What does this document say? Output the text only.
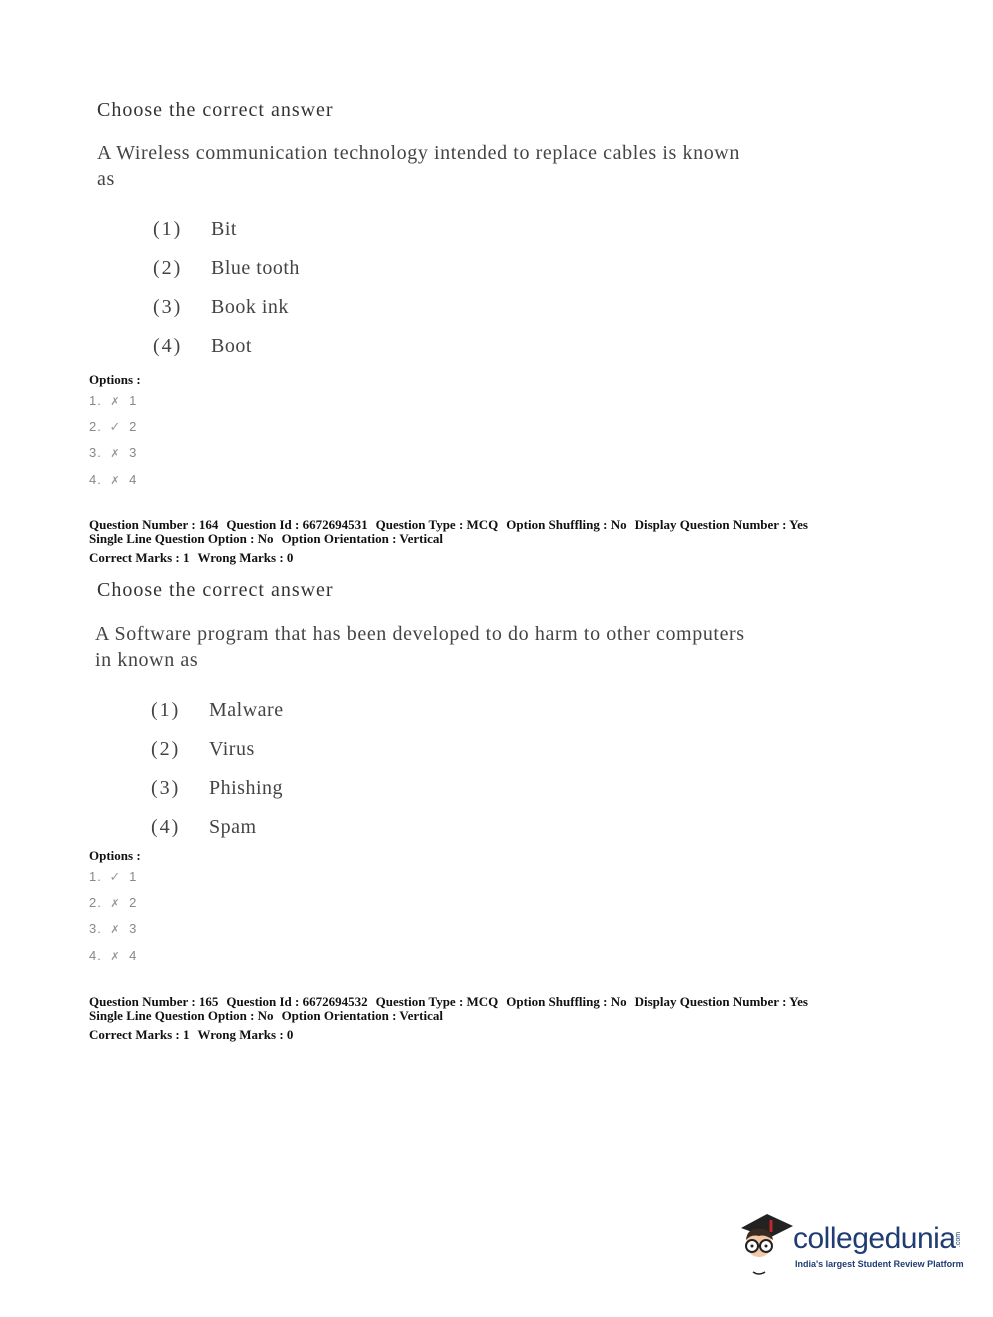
Choose the correct answer
A Wireless communication technology intended to replace cables is known
as
(1) Bit
(2) Blue tooth
(3) Book ink
(4) Boot
Options :
1. ✗ 1
2. ✓ 2
3. ✗ 3
4. ✗ 4
Question Number : 164 Question Id : 6672694531 Question Type : MCQ Option Shuffling : No Display Question Number : Yes
Single Line Question Option : No Option Orientation : Vertical
Correct Marks : 1 Wrong Marks : 0
Choose the correct answer
A Software program that has been developed to do harm to other computers
in known as
(1) Malware
(2) Virus
(3) Phishing
(4) Spam
Options :
1. ✓ 1
2. ✗ 2
3. ✗ 3
4. ✗ 4
Question Number : 165 Question Id : 6672694532 Question Type : MCQ Option Shuffling : No Display Question Number : Yes
Single Line Question Option : No Option Orientation : Vertical
Correct Marks : 1 Wrong Marks : 0
collegedunia .com
India's largest Student Review Platform
